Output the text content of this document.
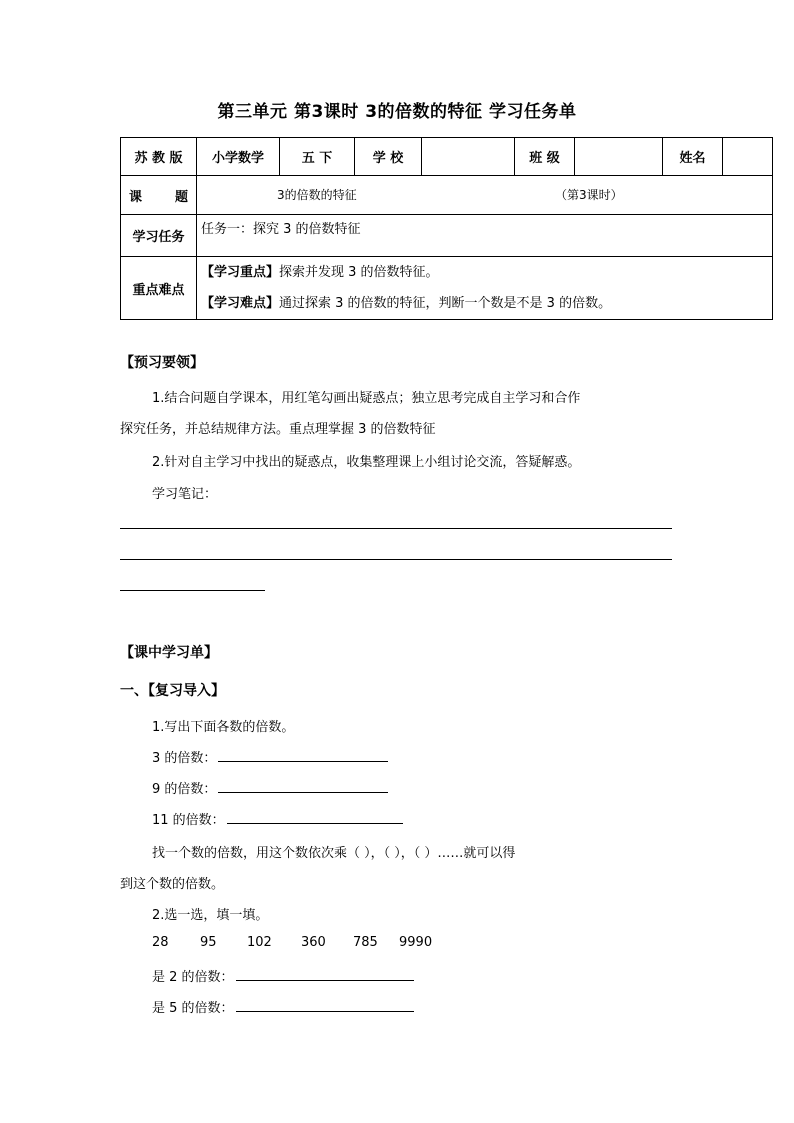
第三单元 第3课时 3的倍数的特征 学习任务单
苏 教 版	小学数学	五 下	学 校		班 级		姓名	
课 题	3的倍数的特征 （第3课时）							

学习任务	任务一：探究 3 的倍数特征							
重点难点	【学习重点】探索并发现 3 的倍数特征。
【学习难点】通过探索 3 的倍数的特征，判断一个数是不是 3 的倍数。							
【预习要领】
1.结合问题自学课本，用红笔勾画出疑惑点；独立思考完成自主学习和合作
探究任务，并总结规律方法。重点理掌握 3 的倍数特征
2.针对自主学习中找出的疑惑点，收集整理课上小组讨论交流，答疑解惑。
学习笔记：
【课中学习单】
一、【复习导入】
1.写出下面各数的倍数。
3 的倍数：
9 的倍数：
11 的倍数：
找一个数的倍数，用这个数依次乘（ ），（ ），（ ）……就可以得
到这个数的倍数。
2.选一选，填一填。
28 95 102 360 785 9990
是 2 的倍数：
是 5 的倍数：
